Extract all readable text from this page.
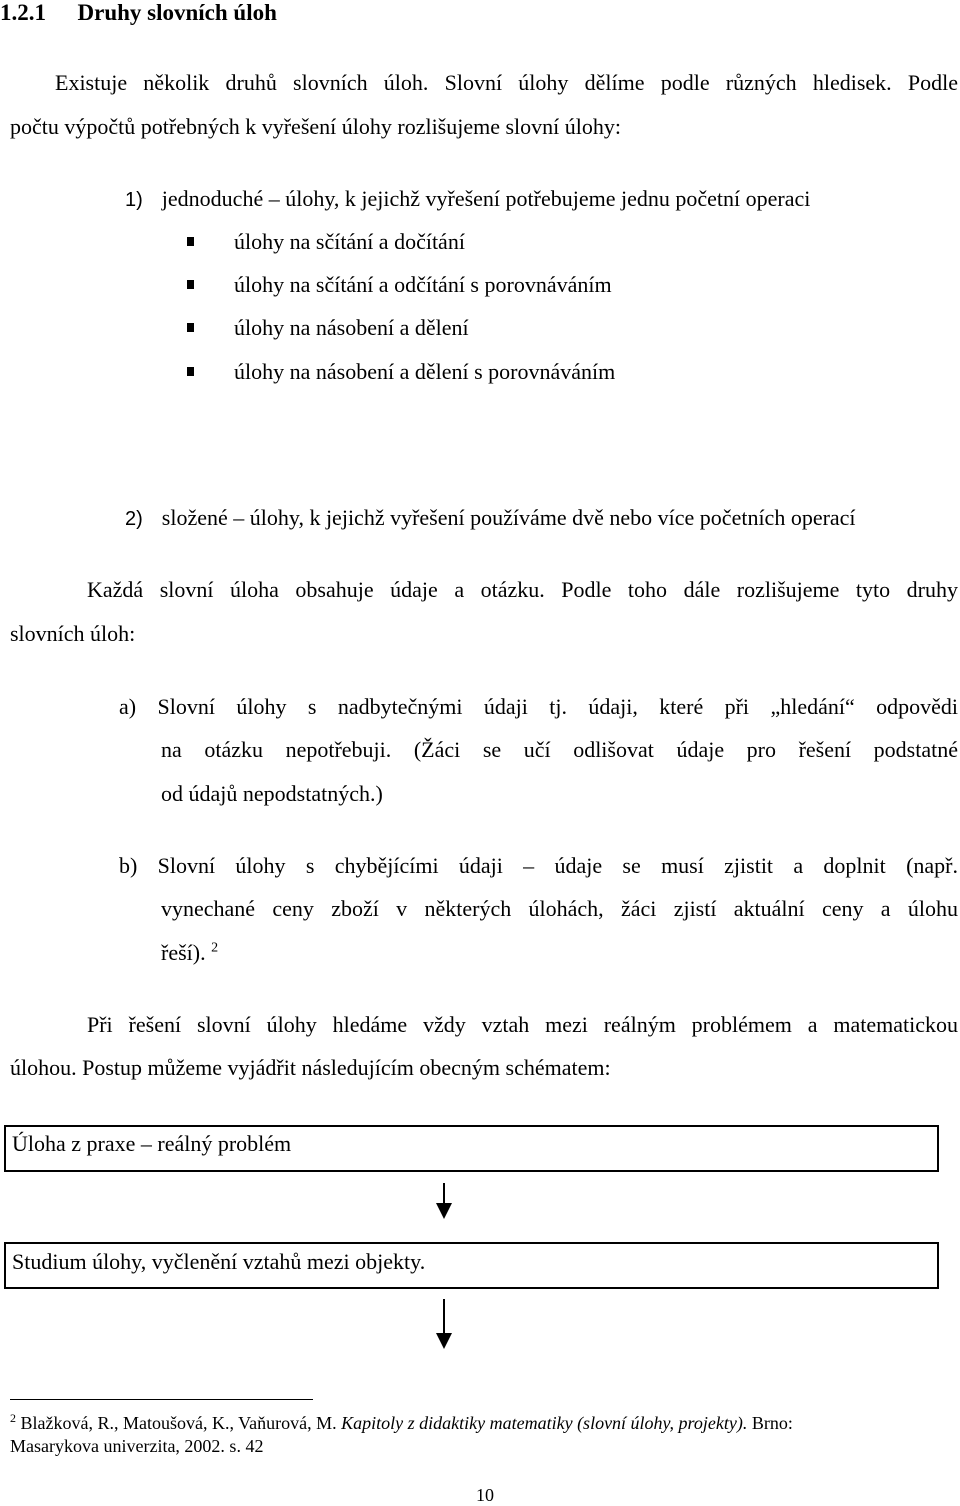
1.2.1 Druhy slovních úloh
Existuje několik druhů slovních úloh. Slovní úlohy dělíme podle různých hledisek. Podle
počtu výpočtů potřebných k vyřešení úlohy rozlišujeme slovní úlohy:
1) jednoduché – úlohy, k jejichž vyřešení potřebujeme jednu početní operaci
úlohy na sčítání a dočítání
úlohy na sčítání a odčítání s porovnáváním
úlohy na násobení a dělení
úlohy na násobení a dělení s porovnáváním
2) složené – úlohy, k jejichž vyřešení používáme dvě nebo více početních operací
Každá slovní úloha obsahuje údaje a otázku. Podle toho dále rozlišujeme tyto druhy
slovních úloh:
a) Slovní úlohy s nadbytečnými údaji tj. údaji, které při „hledání“ odpovědi
na otázku nepotřebuji. (Žáci se učí odlišovat údaje pro řešení podstatné
od údajů nepodstatných.)
b) Slovní úlohy s chybějícími údaji – údaje se musí zjistit a doplnit (např.
vynechané ceny zboží v některých úlohách, žáci zjistí aktuální ceny a úlohu
řeší). $^2$
Při řešení slovní úlohy hledáme vždy vztah mezi reálným problémem a matematickou
úlohou. Postup můžeme vyjádřit následujícím obecným schématem:
Úloha z praxe – reálný problém
Studium úlohy, vyčlenění vztahů mezi objekty.
$^2$ Blažková, R., Matoušová, K., Vaňurová, M. Kapitoly z didaktiky matematiky (slovní úlohy, projekty). Brno:
Masarykova univerzita, 2002. s. 42
10
